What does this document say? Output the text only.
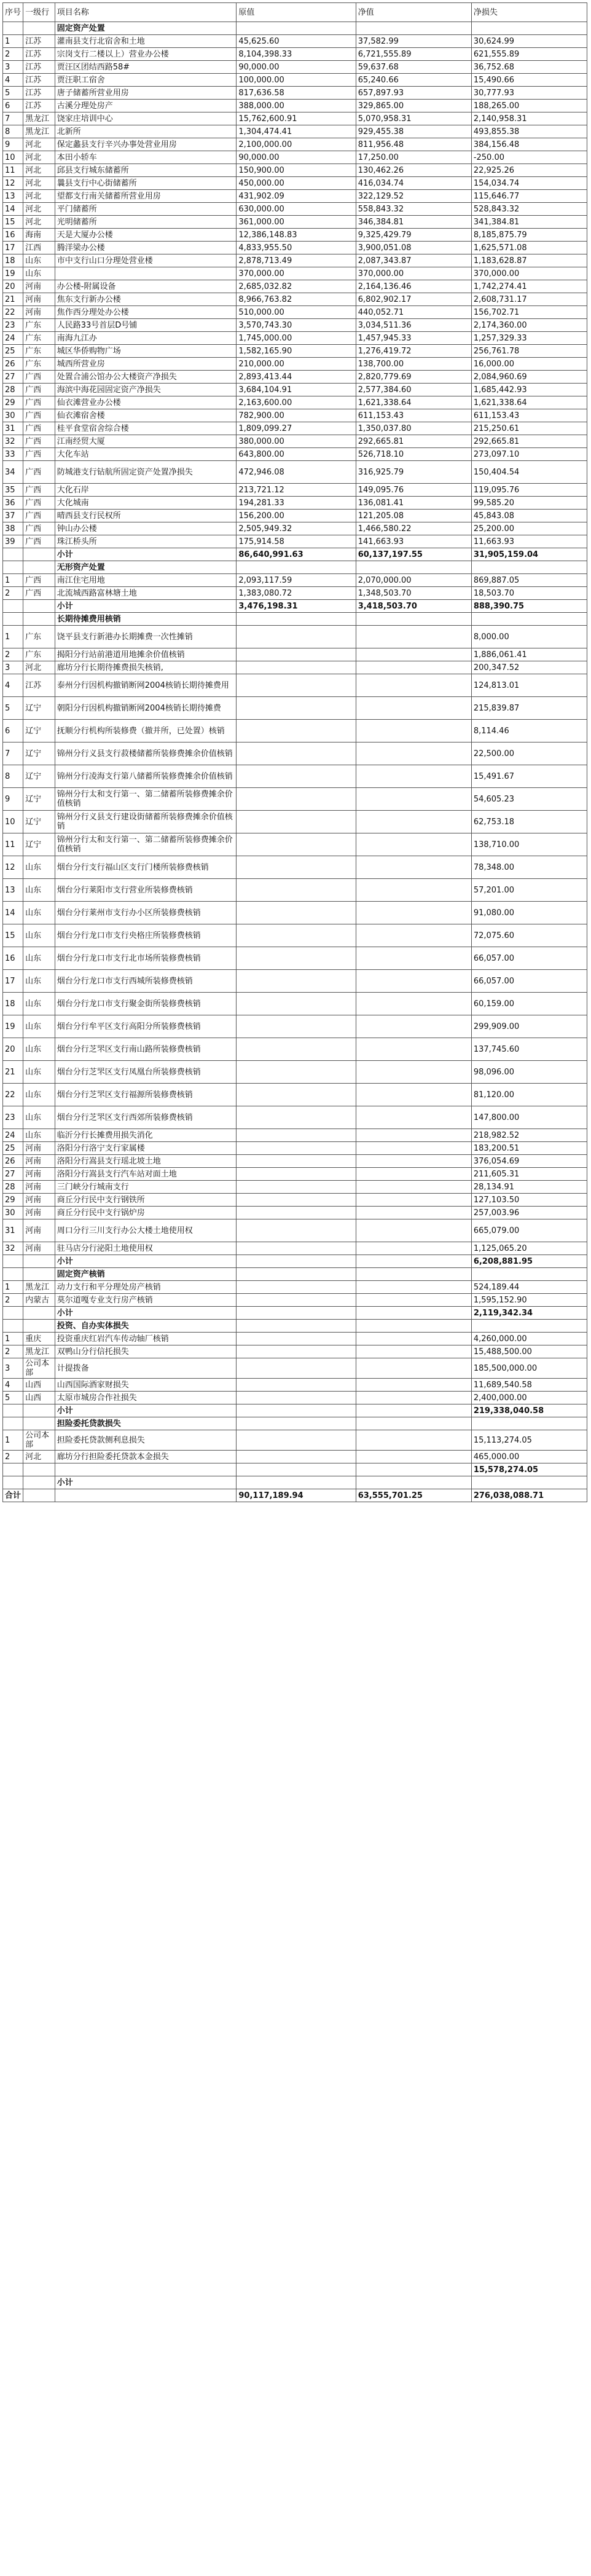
序号	一级行	项目名称	原值	净值	净损失
		固定资产处置			
1	江苏	灌南县支行北宿舍和土地	45,625.60	37,582.99	30,624.99
2	江苏	宗岗支行二楼以上）营业办公楼	8,104,398.33	6,721,555.89	621,555.89
3	江苏	贾汪区团结西路58#	90,000.00	59,637.68	36,752.68
4	江苏	贾汪职工宿舍	100,000.00	65,240.66	15,490.66
5	江苏	唐子储蓄所营业用房	817,636.58	657,897.93	30,777.93
6	江苏	古溪分理处房产	388,000.00	329,865.00	188,265.00
7	黑龙江	饶家庄培训中心	15,762,600.91	5,070,958.31	2,140,958.31
8	黑龙江	北新所	1,304,474.41	929,455.38	493,855.38
9	河北	保定蠡县支行辛兴办事处营业用房	2,100,000.00	811,956.48	384,156.48
10	河北	本田小轿车	90,000.00	17,250.00	-250.00
11	河北	邱县支行城东储蓄所	150,900.00	130,462.26	22,925.26
12	河北	曩县支行中心街储蓄所	450,000.00	416,034.74	154,034.74
13	河北	望都支行南关储蓄所营业用房	431,902.09	322,129.52	115,646.77
14	河北	平门储蓄所	630,000.00	558,843.32	528,843.32
15	河北	光明储蓄所	361,000.00	346,384.81	341,384.81
16	海南	天是大厦办公楼	12,386,148.83	9,325,429.79	8,185,875.79
17	江西	腾洋梁办公楼	4,833,955.50	3,900,051.08	1,625,571.08
18	山东	市中支行山口分理处营业楼	2,878,713.49	2,087,343.87	1,183,628.87
19	山东		370,000.00	370,000.00	370,000.00
20	河南	办公楼-附属设备	2,685,032.82	2,164,136.46	1,742,274.41
21	河南	焦东支行新办公楼	8,966,763.82	6,802,902.17	2,608,731.17
22	河南	焦作西分理处办公楼	510,000.00	440,052.71	156,702.71
23	广东	人民路33号首层D号铺	3,570,743.30	3,034,511.36	2,174,360.00
24	广东	南海九江办	1,745,000.00	1,457,945.33	1,257,329.33
25	广东	城区华侨购物广场	1,582,165.90	1,276,419.72	256,761.78
26	广东	城西所营业房	210,000.00	138,700.00	16,000.00
27	广西	处置合浦公馆办公大楼资产净损失	2,893,413.44	2,820,779.69	2,084,960.69
28	广西	海滨中海花园固定资产净损失	3,684,104.91	2,577,384.60	1,685,442.93
29	广西	仙衣滩营业办公楼	2,163,600.00	1,621,338.64	1,621,338.64
30	广西	仙衣滩宿舍楼	782,900.00	611,153.43	611,153.43
31	广西	桂平食堂宿舍综合楼	1,809,099.27	1,350,037.80	215,250.61
32	广西	江南经贸大厦	380,000.00	292,665.81	292,665.81
33	广西	大化车站	643,800.00	526,718.10	273,097.10
34	广西	防城港支行钻航所固定资产处置净损失	472,946.08	316,925.79	150,404.54
35	广西	大化石岸	213,721.12	149,095.76	119,095.76
36	广西	大化城南	194,281.33	136,081.41	99,585.20
37	广西	晴西县支行民权所	156,200.00	121,205.08	45,843.08
38	广西	钟山办公楼	2,505,949.32	1,466,580.22	25,200.00
39	广西	珠江桥头所	175,914.58	141,663.93	11,663.93
		小计	86,640,991.63	60,137,197.55	31,905,159.04
		无形资产处置			
1	广西	南江住宅用地	2,093,117.59	2,070,000.00	869,887.05
2	广西	北流城西路富林塘土地	1,383,080.72	1,348,503.70	18,503.70
		小计	3,476,198.31	3,418,503.70	888,390.75
		长期待摊费用核销			
1	广东	饶平县支行新港办长期摊费一次性摊销			8,000.00
2	广东	揭阳分行站前港道用地摊余价值核销			1,886,061.41
3	河北	廊坊分行长期待摊费损失核销,			200,347.52
4	江苏	泰州分行因机构撤销断网2004核销长期待摊费用			124,813.01
5	辽宁	朝阳分行因机构撤销断网2004核销长期待摊费			215,839.87
6	辽宁	抚顺分行机构所装修费（撤并所，已处置）核销			8,114.46
7	辽宁	锦州分行义县支行菽楼储蓄所装修费摊余价值核销			22,500.00
8	辽宁	锦州分行凌海支行第八储蓄所装修费摊余价值核销			15,491.67
9	辽宁	锦州分行太和支行第一、第二储蓄所装修费摊余价值核销			54,605.23
10	辽宁	锦州分行义县支行建设街储蓄所装修费摊余价值核销			62,753.18
11	辽宁	锦州分行太和支行第一、第二储蓄所装修费摊余价值核销			138,710.00
12	山东	烟台分行支行福山区支行门楼所装修费核销			78,348.00
13	山东	烟台分行莱阳市支行营业所装修费核销			57,201.00
14	山东	烟台分行莱州市支行办小区所装修费核销			91,080.00
15	山东	烟台分行龙口市支行央格庄所装修费核销			72,075.60
16	山东	烟台分行龙口市支行北市场所装修费核销			66,057.00
17	山东	烟台分行龙口市支行西城所装修费核销			66,057.00
18	山东	烟台分行龙口市支行聚金街所装修费核销			60,159.00
19	山东	烟台分行牟平区支行高阳分所装修费核销			299,909.00
20	山东	烟台分行芝罘区支行南山路所装修费核销			137,745.60
21	山东	烟台分行芝罘区支行凤凰台所装修费核销			98,096.00
22	山东	烟台分行芝罘区支行福源所装修费核销			81,120.00
23	山东	烟台分行芝罘区支行西郊所装修费核销			147,800.00
24	山东	临沂分行长摊费用损失消化			218,982.52
25	河南	洛阳分行洛宁支行家属楼			183,200.51
26	河南	洛阳分行嵩县支行瑶北坡土地			376,054.69
27	河南	洛阳分行嵩县支行汽车站对面土地			211,605.31
28	河南	三门峡分行城南支行			28,134.91
29	河南	商丘分行民中支行钢铁所			127,103.50
30	河南	商丘分行民中支行锅炉房			257,003.96
31	河南	周口分行三川支行办公大楼土地使用权			665,079.00
32	河南	驻马店分行泌阳土地使用权			1,125,065.20
		小计			6,208,881.95
		固定资产核销			
1	黑龙江	动力支行和平分理处房产核销			524,189.44
2	内蒙古	莫尔道嘎专业支行房产核销			1,595,152.90
		小计			2,119,342.34
		投资、自办实体损失			
1	重庆	投资重庆红岩汽车传动轴厂核销			4,260,000.00
2	黑龙江	双鸭山分行信托损失			15,488,500.00
3	公司本部	计提拨备			185,500,000.00
4	山西	山西国际酒家财损失			11,689,540.58
5	山西	太原市城房合作社损失			2,400,000.00
		小计			219,338,040.58
		担险委托贷款损失			
1	公司本部	担险委托贷款侧利息损失			15,113,274.05
2	河北	廊坊分行担险委托贷款本金损失			465,000.00
					15,578,274.05
		小计			
合计			90,117,189.94	63,555,701.25	276,038,088.71
